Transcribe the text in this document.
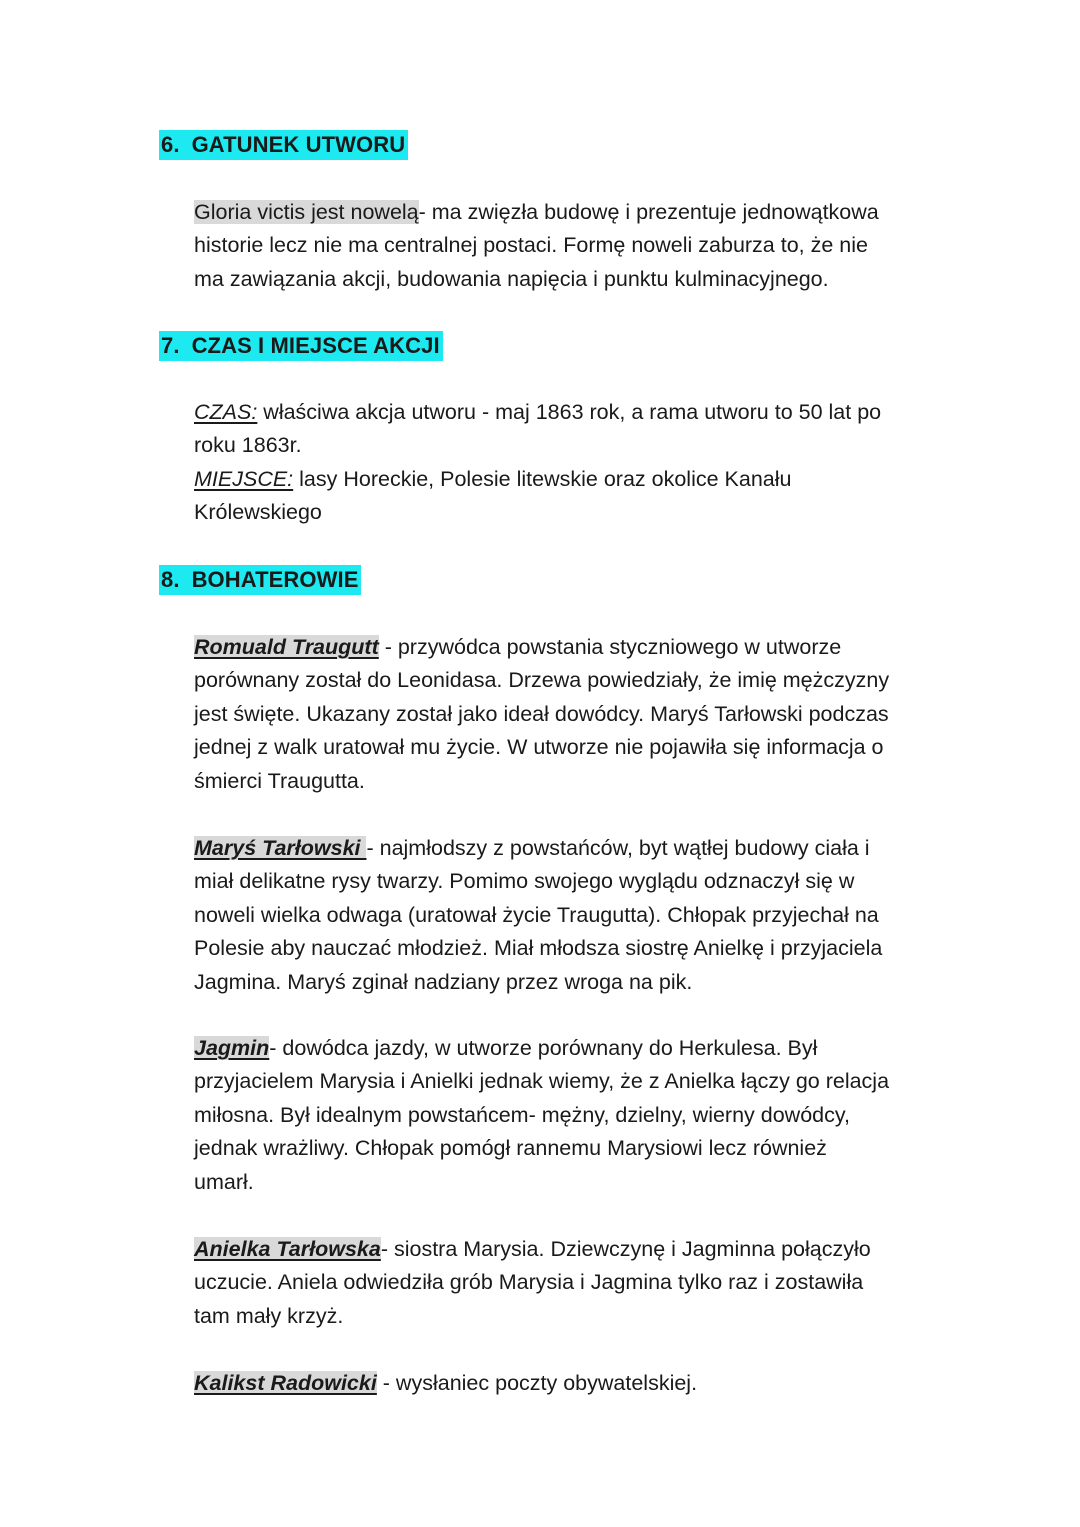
6. GATUNEK UTWORU
Gloria victis jest nowelą- ma zwięzła budowę i prezentuje jednowątkowa
historie lecz nie ma centralnej postaci. Formę noweli zaburza to, że nie
ma zawiązania akcji, budowania napięcia i punktu kulminacyjnego.
7. CZAS I MIEJSCE AKCJI
CZAS: właściwa akcja utworu - maj 1863 rok, a rama utworu to 50 lat po
roku 1863r.
MIEJSCE: lasy Horeckie, Polesie litewskie oraz okolice Kanału
Królewskiego
8. BOHATEROWIE
Romuald Traugutt - przywódca powstania styczniowego w utworze
porównany został do Leonidasa. Drzewa powiedziały, że imię mężczyzny
jest święte. Ukazany został jako ideał dowódcy. Maryś Tarłowski podczas
jednej z walk uratował mu życie. W utworze nie pojawiła się informacja o
śmierci Traugutta.
Maryś Tarłowski - najmłodszy z powstańców, byt wątłej budowy ciała i
miał delikatne rysy twarzy. Pomimo swojego wyglądu odznaczył się w
noweli wielka odwaga (uratował życie Traugutta). Chłopak przyjechał na
Polesie aby nauczać młodzież. Miał młodsza siostrę Anielkę i przyjaciela
Jagmina. Maryś zginał nadziany przez wroga na pik.
Jagmin- dowódca jazdy, w utworze porównany do Herkulesa. Był
przyjacielem Marysia i Anielki jednak wiemy, że z Anielka łączy go relacja
miłosna. Był idealnym powstańcem- mężny, dzielny, wierny dowódcy,
jednak wrażliwy. Chłopak pomógł rannemu Marysiowi lecz również
umarł.
Anielka Tarłowska- siostra Marysia. Dziewczynę i Jagminna połączyło
uczucie. Aniela odwiedziła grób Marysia i Jagmina tylko raz i zostawiła
tam mały krzyż.
Kalikst Radowicki - wysłaniec poczty obywatelskiej.
